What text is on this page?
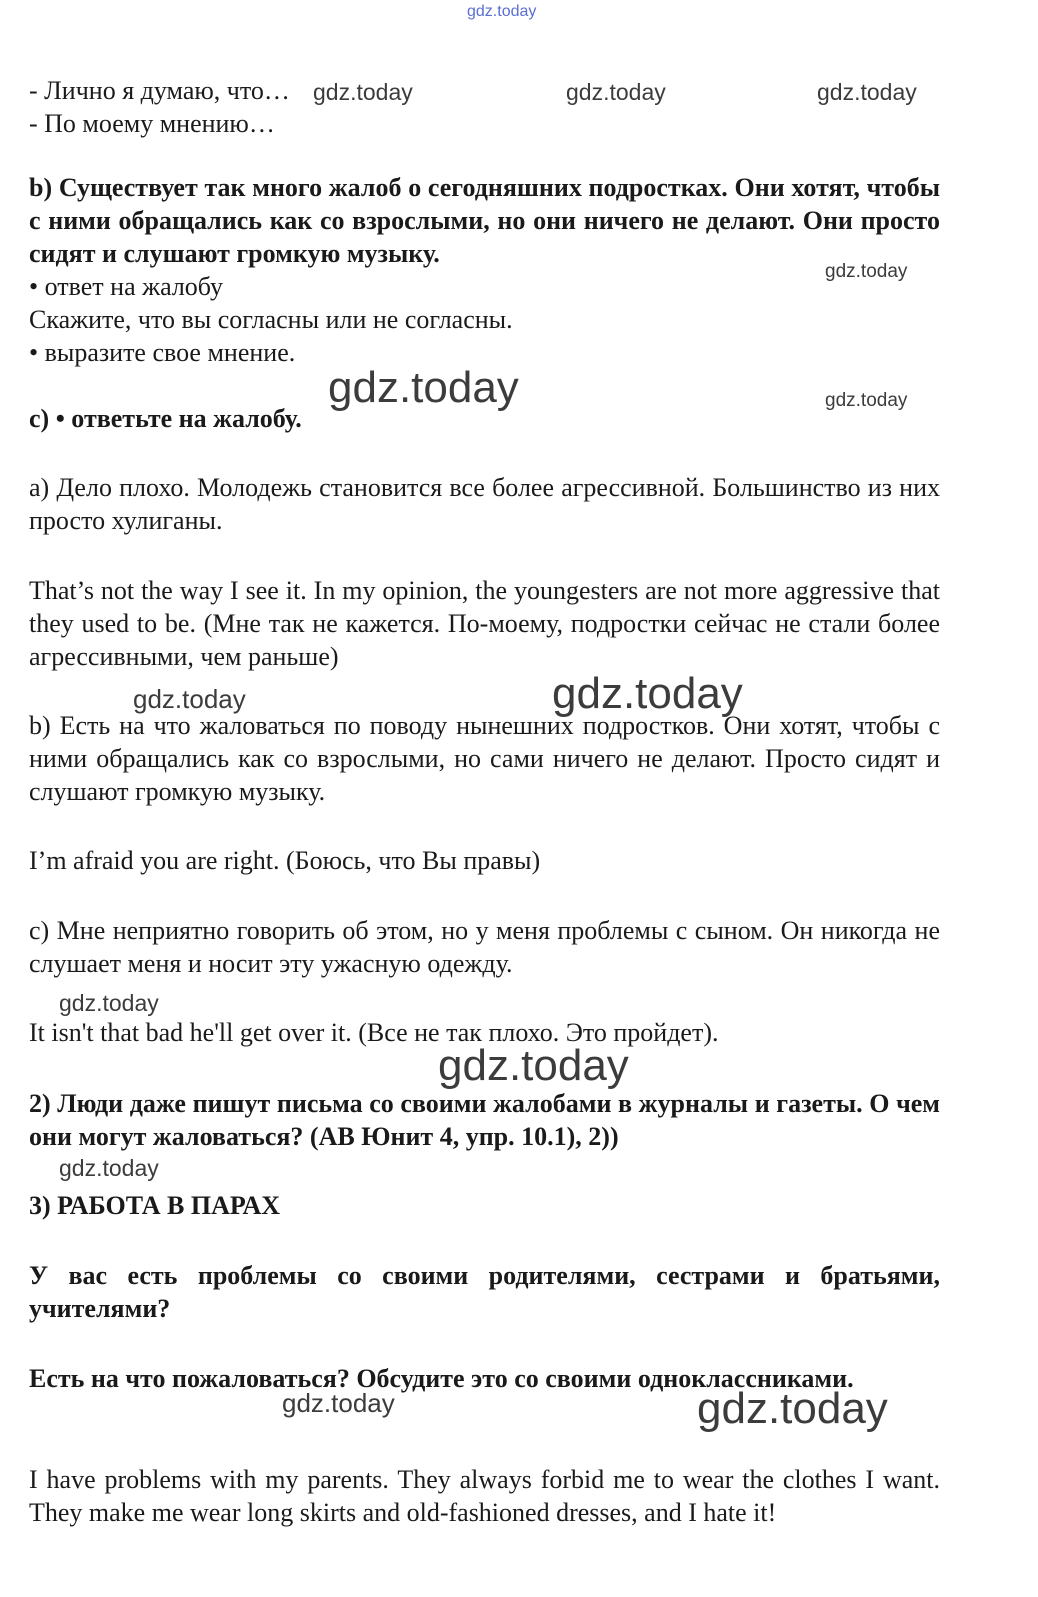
gdz.today
gdz.today	gdz.today	gdz.today
gdz.today
gdz.today	gdz.today
gdz.today	gdz.today
gdz.today
gdz.today
gdz.today
gdz.today	gdz.today

- Лично я думаю, что…
- По моему мнению…

b) Существует так много жалоб о сегодняшних подростках. Они хотят, чтобы с ними обращались как со взрослыми, но они ничего не делают. Они просто сидят и слушают громкую музыку.

• ответ на жалобу
Скажите, что вы согласны или не согласны.
• выразите свое мнение.

c) • ответьте на жалобу.

а) Дело плохо. Молодежь становится все более агрессивной. Большинство из них просто хулиганы.

That’s not the way I see it. In my opinion, the youngesters are not more aggressive that they used to be. (Мне так не кажется. По-моему, подростки сейчас не стали более агрессивными, чем раньше)

b) Есть на что жаловаться по поводу нынешних подростков. Они хотят, чтобы с ними обращались как со взрослыми, но сами ничего не делают. Просто сидят и слушают громкую музыку.

I’m afraid you are right. (Боюсь, что Вы правы)

с) Мне неприятно говорить об этом, но у меня проблемы с сыном. Он никогда не слушает меня и носит эту ужасную одежду.

It isn't that bad he'll get over it. (Все не так плохо. Это пройдет).

2) Люди даже пишут письма со своими жалобами в журналы и газеты. О чем они могут жаловаться? (АВ Юнит 4, упр. 10.1), 2))

3) РАБОТА В ПАРАХ

У вас есть проблемы со своими родителями, сестрами и братьями, учителями?

Есть на что пожаловаться? Обсудите это со своими одноклассниками.

I have problems with my parents. They always forbid me to wear the clothes I want. They make me wear long skirts and old-fashioned dresses, and I hate it!
